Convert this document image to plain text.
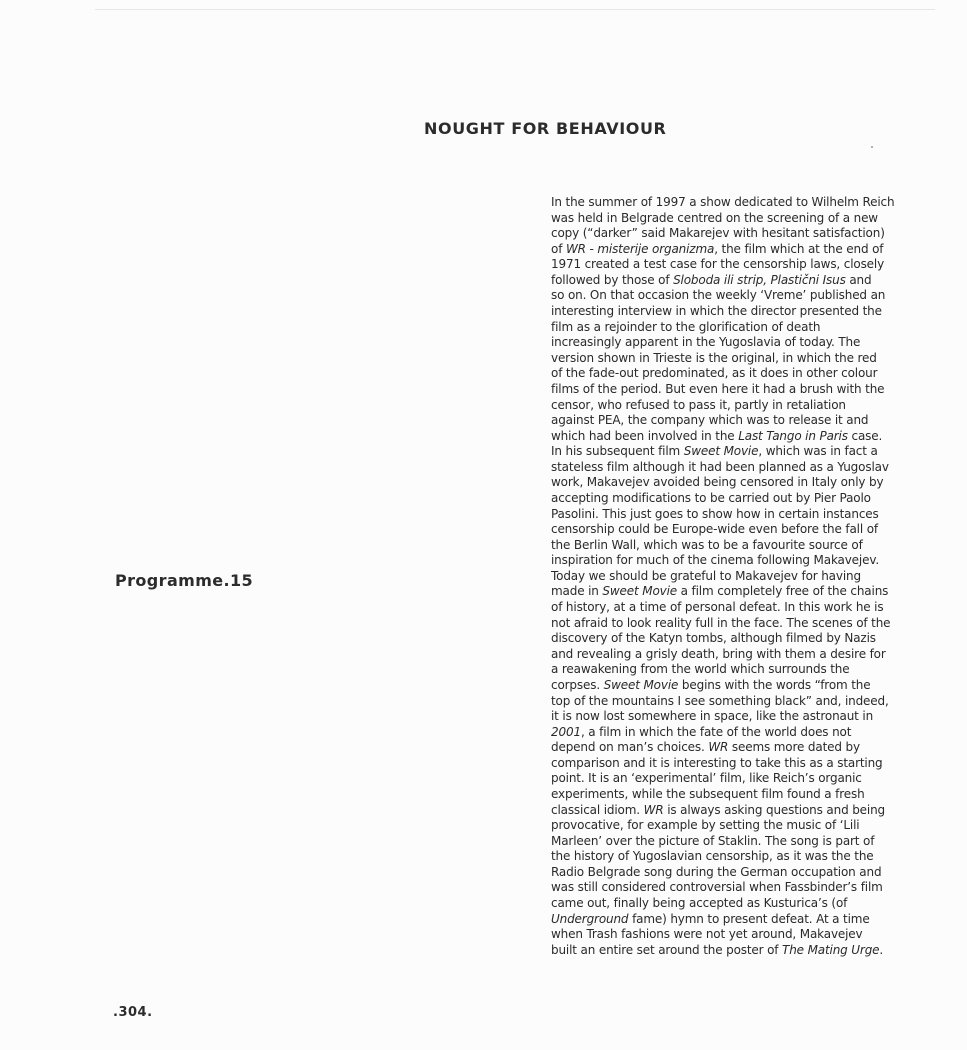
NOUGHT FOR BEHAVIOUR
Programme.15
In the summer of 1997 a show dedicated to Wilhelm Reich
was held in Belgrade centred on the screening of a new
copy (“darker” said Makarejev with hesitant satisfaction)
of WR - misterije organizma, the film which at the end of
1971 created a test case for the censorship laws, closely
followed by those of Sloboda ili strip, Plastični Isus and
so on. On that occasion the weekly ‘Vreme’ published an
interesting interview in which the director presented the
film as a rejoinder to the glorification of death
increasingly apparent in the Yugoslavia of today. The
version shown in Trieste is the original, in which the red
of the fade-out predominated, as it does in other colour
films of the period. But even here it had a brush with the
censor, who refused to pass it, partly in retaliation
against PEA, the company which was to release it and
which had been involved in the Last Tango in Paris case.
In his subsequent film Sweet Movie, which was in fact a
stateless film although it had been planned as a Yugoslav
work, Makavejev avoided being censored in Italy only by
accepting modifications to be carried out by Pier Paolo
Pasolini. This just goes to show how in certain instances
censorship could be Europe-wide even before the fall of
the Berlin Wall, which was to be a favourite source of
inspiration for much of the cinema following Makavejev.
Today we should be grateful to Makavejev for having
made in Sweet Movie a film completely free of the chains
of history, at a time of personal defeat. In this work he is
not afraid to look reality full in the face. The scenes of the
discovery of the Katyn tombs, although filmed by Nazis
and revealing a grisly death, bring with them a desire for
a reawakening from the world which surrounds the
corpses. Sweet Movie begins with the words “from the
top of the mountains I see something black” and, indeed,
it is now lost somewhere in space, like the astronaut in
2001, a film in which the fate of the world does not
depend on man’s choices. WR seems more dated by
comparison and it is interesting to take this as a starting
point. It is an ‘experimental’ film, like Reich’s organic
experiments, while the subsequent film found a fresh
classical idiom. WR is always asking questions and being
provocative, for example by setting the music of ‘Lili
Marleen’ over the picture of Staklin. The song is part of
the history of Yugoslavian censorship, as it was the the
Radio Belgrade song during the German occupation and
was still considered controversial when Fassbinder’s film
came out, finally being accepted as Kusturica’s (of
Underground fame) hymn to present defeat. At a time
when Trash fashions were not yet around, Makavejev
built an entire set around the poster of The Mating Urge.
.304.
